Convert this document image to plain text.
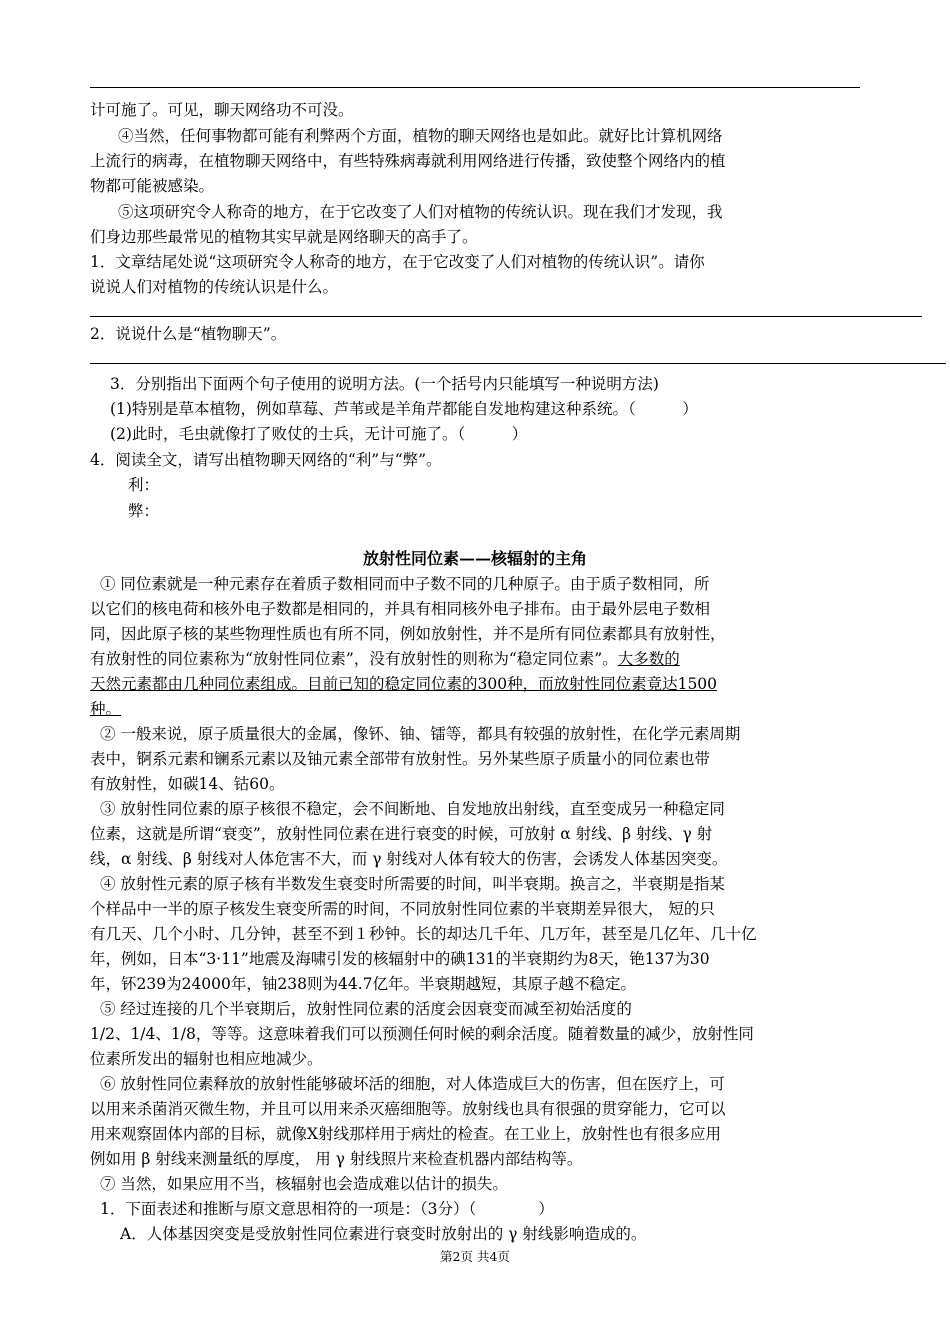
计可施了。可见，聊天网络功不可没。
④当然，任何事物都可能有利弊两个方面，植物的聊天网络也是如此。就好比计算机网络
上流行的病毒，在植物聊天网络中，有些特殊病毒就利用网络进行传播，致使整个网络内的植
物都可能被感染。
⑤这项研究令人称奇的地方，在于它改变了人们对植物的传统认识。现在我们才发现，我
们身边那些最常见的植物其实早就是网络聊天的高手了。
1．文章结尾处说“这项研究令人称奇的地方，在于它改变了人们对植物的传统认识”。请你
说说人们对植物的传统认识是什么。
2．说说什么是“植物聊天”。
3．分别指出下面两个句子使用的说明方法。(一个括号内只能填写一种说明方法)
(1)特别是草本植物，例如草莓、芦苇或是羊角芹都能自发地构建这种系统。（　　　）
(2)此时，毛虫就像打了败仗的士兵，无计可施了。（　　　）
4．阅读全文，请写出植物聊天网络的“利”与“弊”。
利：
弊：
放射性同位素——核辐射的主角
① 同位素就是一种元素存在着质子数相同而中子数不同的几种原子。由于质子数相同，所
以它们的核电荷和核外电子数都是相同的，并具有相同核外电子排布。由于最外层电子数相
同，因此原子核的某些物理性质也有所不同，例如放射性，并不是所有同位素都具有放射性，
有放射性的同位素称为“放射性同位素”，没有放射性的则称为“稳定同位素”。大多数的
天然元素都由几种同位素组成。目前已知的稳定同位素的300种，而放射性同位素竟达1500
种。
② 一般来说，原子质量很大的金属，像钚、铀、镭等，都具有较强的放射性，在化学元素周期
表中，锕系元素和镧系元素以及铀元素全部带有放射性。另外某些原子质量小的同位素也带
有放射性，如碳14、钴60。
③ 放射性同位素的原子核很不稳定，会不间断地、自发地放出射线，直至变成另一种稳定同
位素，这就是所谓“衰变”，放射性同位素在进行衰变的时候，可放射 α 射线、β 射线、γ 射
线，α 射线、β 射线对人体危害不大，而 γ 射线对人体有较大的伤害，会诱发人体基因突变。
④ 放射性元素的原子核有半数发生衰变时所需要的时间，叫半衰期。换言之，半衰期是指某
个样品中一半的原子核发生衰变所需的时间，不同放射性同位素的半衰期差异很大， 短的只
有几天、几个小时、几分钟，甚至不到１秒钟。长的却达几千年、几万年，甚至是几亿年、几十亿
年，例如，日本“3·11”地震及海啸引发的核辐射中的碘131的半衰期约为8天，铯137为30
年，钚239为24000年，铀238则为44.7亿年。半衰期越短，其原子越不稳定。
⑤ 经过连接的几个半衰期后，放射性同位素的活度会因衰变而减至初始活度的
1/2、1/4、1/8，等等。这意味着我们可以预测任何时候的剩余活度。随着数量的减少，放射性同
位素所发出的辐射也相应地减少。
⑥ 放射性同位素释放的放射性能够破坏活的细胞，对人体造成巨大的伤害，但在医疗上，可
以用来杀菌消灭微生物，并且可以用来杀灭癌细胞等。放射线也具有很强的贯穿能力，它可以
用来观察固体内部的目标，就像X射线那样用于病灶的检查。在工业上，放射性也有很多应用
例如用 β 射线来测量纸的厚度， 用 γ 射线照片来检查机器内部结构等。
⑦ 当然，如果应用不当，核辐射也会造成难以估计的损失。
1．下面表述和推断与原文意思相符的一项是：（3分）（　　　　）
A．人体基因突变是受放射性同位素进行衰变时放射出的 γ 射线影响造成的。
第2页 共4页
